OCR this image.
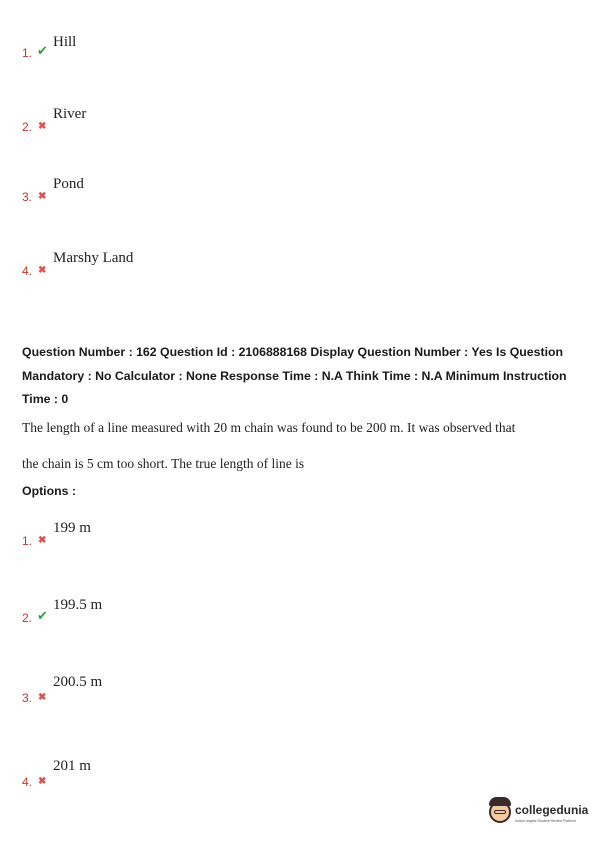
1. ✔
Hill
2. ✖
River
3. ✖
Pond
4. ✖
Marshy Land
Question Number : 162 Question Id : 2106888168 Display Question Number : Yes Is Question
Mandatory : No Calculator : None Response Time : N.A Think Time : N.A Minimum Instruction
Time : 0
The length of a line measured with 20 m chain was found to be 200 m. It was observed that
the chain is 5 cm too short. The true length of line is
Options :
1. ✖
199 m
2. ✔
199.5 m
3. ✖
200.5 m
4. ✖
201 m
collegedunia
India's largest Student Review Platform
